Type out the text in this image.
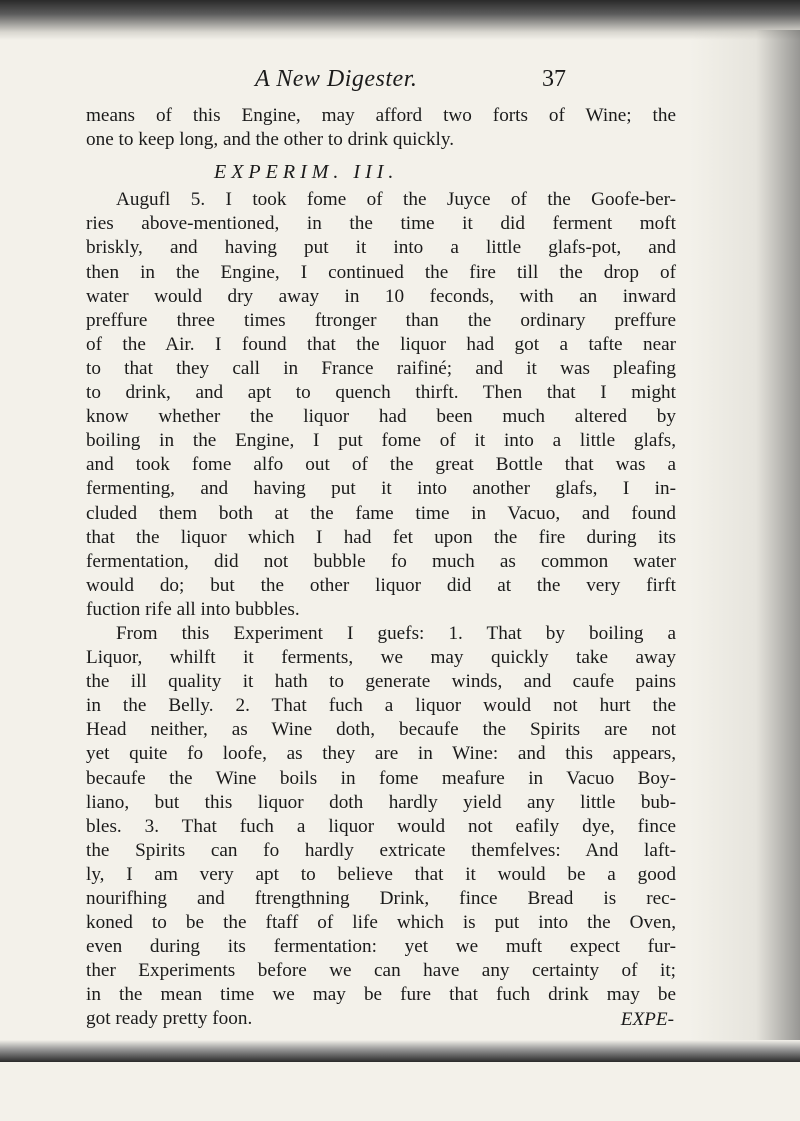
A New Digester.	37

means of this Engine, may afford two forts of Wine; the
one to keep long, and the other to drink quickly.

EXPERIM. III.

Augufl 5. I took fome of the Juyce of the Goofe-ber-
ries above-mentioned, in the time it did ferment moft
briskly, and having put it into a little glafs-pot, and
then in the Engine, I continued the fire till the drop of
water would dry away in 10 feconds, with an inward
preffure three times ftronger than the ordinary preffure
of the Air. I found that the liquor had got a tafte near
to that they call in France raifiné; and it was pleafing
to drink, and apt to quench thirft. Then that I might
know whether the liquor had been much altered by
boiling in the Engine, I put fome of it into a little glafs,
and took fome alfo out of the great Bottle that was a
fermenting, and having put it into another glafs, I in-
cluded them both at the fame time in Vacuo, and found
that the liquor which I had fet upon the fire during its
fermentation, did not bubble fo much as common water
would do; but the other liquor did at the very firft
fuction rife all into bubbles.

From this Experiment I guefs: 1. That by boiling a
Liquor, whilft it ferments, we may quickly take away
the ill quality it hath to generate winds, and caufe pains
in the Belly. 2. That fuch a liquor would not hurt the
Head neither, as Wine doth, becaufe the Spirits are not
yet quite fo loofe, as they are in Wine: and this appears,
becaufe the Wine boils in fome meafure in Vacuo Boy-
liano, but this liquor doth hardly yield any little bub-
bles. 3. That fuch a liquor would not eafily dye, fince
the Spirits can fo hardly extricate themfelves: And laft-
ly, I am very apt to believe that it would be a good
nourifhing and ftrengthning Drink, fince Bread is rec-
koned to be the ftaff of life which is put into the Oven,
even during its fermentation: yet we muft expect fur-
ther Experiments before we can have any certainty of it;
in the mean time we may be fure that fuch drink may be
got ready pretty foon.	EXPE-
